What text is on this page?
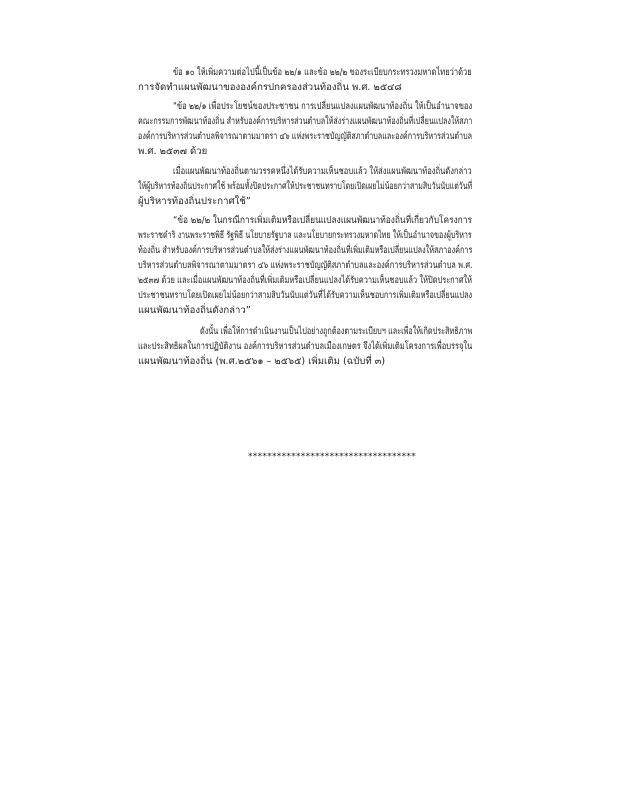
ข้อ ๑๐ ให้เพิ่มความต่อไปนี้เป็นข้อ ๒๒/๑ และข้อ ๒๒/๒ ของระเบียบกระทรวงมหาดไทยว่าด้วย
การจัดทำแผนพัฒนาขององค์กรปกครองส่วนท้องถิ่น พ.ศ. ๒๕๔๘
“ข้อ ๒๒/๑ เพื่อประโยชน์ของประชาชน การเปลี่ยนแปลงแผนพัฒนาท้องถิ่น ให้เป็นอำนาจของ
คณะกรรมการพัฒนาท้องถิ่น สำหรับองค์การบริหารส่วนตำบลให้ส่งร่างแผนพัฒนาท้องถิ่นที่เปลี่ยนแปลงให้สภา
องค์การบริหารส่วนตำบลพิจารณาตามมาตรา ๔๖ แห่งพระราชบัญญัติสภาตำบลและองค์การบริหารส่วนตำบล
พ.ศ. ๒๕๓๗ ด้วย
เมื่อแผนพัฒนาท้องถิ่นตามวรรคหนึ่งได้รับความเห็นชอบแล้ว ให้ส่งแผนพัฒนาท้องถิ่นดังกล่าว
ให้ผู้บริหารท้องถิ่นประกาศใช้ พร้อมทั้งปิดประกาศให้ประชาชนทราบโดยเปิดเผยไม่น้อยกว่าสามสิบวันนับแต่วันที่
ผู้บริหารท้องถิ่นประกาศใช้”
“ข้อ ๒๒/๒ ในกรณีการเพิ่มเติมหรือเปลี่ยนแปลงแผนพัฒนาท้องถิ่นที่เกี่ยวกับโครงการ
พระราชดำริ งานพระราชพิธี รัฐพิธี นโยบายรัฐบาล และนโยบายกระทรวงมหาดไทย ให้เป็นอำนาจของผู้บริหาร
ท้องถิ่น สำหรับองค์การบริหารส่วนตำบลให้ส่งร่างแผนพัฒนาท้องถิ่นที่เพิ่มเติมหรือเปลี่ยนแปลงให้สภาองค์การ
บริหารส่วนตำบลพิจารณาตามมาตรา ๔๖ แห่งพระราชบัญญัติสภาตำบลและองค์การบริหารส่วนตำบล พ.ศ.
๒๕๓๗ ด้วย และเมื่อแผนพัฒนาท้องถิ่นที่เพิ่มเติมหรือเปลี่ยนแปลงได้รับความเห็นชอบแล้ว ให้ปิดประกาศให้
ประชาชนทราบโดยเปิดเผยไม่น้อยกว่าสามสิบวันนับแต่วันที่ได้รับความเห็นชอบการเพิ่มเติมหรือเปลี่ยนแปลง
แผนพัฒนาท้องถิ่นดังกล่าว”
ดังนั้น เพื่อให้การดำเนินงานเป็นไปอย่างถูกต้องตามระเบียบฯ และเพื่อให้เกิดประสิทธิภาพ
และประสิทธิผลในการปฏิบัติงาน องค์การบริหารส่วนตำบลเมืองเกษตร จึงได้เพิ่มเติมโครงการเพื่อบรรจุใน
แผนพัฒนาท้องถิ่น (พ.ศ.๒๕๖๑ – ๒๕๖๕) เพิ่มเติม (ฉบับที่ ๓)
***********************************
